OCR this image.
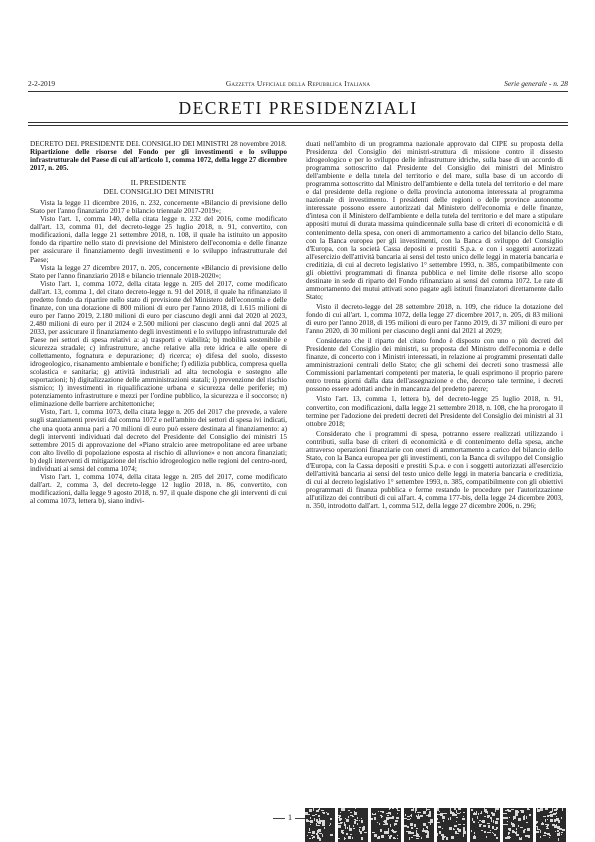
2-2-2019	Gazzetta Ufficiale della Repubblica Italiana	Serie generale - n. 28
DECRETI PRESIDENZIALI

DECRETO DEL PRESIDENTE DEL CONSIGLIO DEI MINISTRI 28 novembre 2018.

Ripartizione delle risorse del Fondo per gli investimenti e lo sviluppo infrastrutturale del Paese di cui all'articolo 1, comma 1072, della legge 27 dicembre 2017, n. 205.

IL PRESIDENTE

DEL CONSIGLIO DEI MINISTRI

Vista la legge 11 dicembre 2016, n. 232, concernente «Bilancio di previsione dello Stato per l'anno finanziario 2017 e bilancio triennale 2017-2019»;

Visto l'art. 1, comma 140, della citata legge n. 232 del 2016, come modificato dall'art. 13, comma 01, del decreto-legge 25 luglio 2018, n. 91, convertito, con modificazioni, dalla legge 21 settembre 2018, n. 108, il quale ha istituito un apposito fondo da ripartire nello stato di previsione del Ministero dell'economia e delle finanze per assicurare il finanziamento degli investimenti e lo sviluppo infrastrutturale del Paese;

Vista la legge 27 dicembre 2017, n. 205, concernente «Bilancio di previsione dello Stato per l'anno finanziario 2018 e bilancio triennale 2018-2020»;

Visto l'art. 1, comma 1072, della citata legge n. 205 del 2017, come modificato dall'art. 13, comma 1, del citato decreto-legge n. 91 del 2018, il quale ha rifinanziato il predetto fondo da ripartire nello stato di previsione del Ministero dell'economia e delle finanze, con una dotazione di 800 milioni di euro per l'anno 2018, di 1.615 milioni di euro per l'anno 2019, 2.180 milioni di euro per ciascuno degli anni dal 2020 al 2023, 2.480 milioni di euro per il 2024 e 2.500 milioni per ciascuno degli anni dal 2025 al 2033, per assicurare il finanziamento degli investimenti e lo sviluppo infrastrutturale del Paese nei settori di spesa relativi a: a) trasporti e viabilità; b) mobilità sostenibile e sicurezza stradale; c) infrastrutture, anche relative alla rete idrica e alle opere di collettamento, fognatura e depurazione; d) ricerca; e) difesa del suolo, dissesto idrogeologico, risanamento ambientale e bonifiche; f) edilizia pubblica, compresa quella scolastica e sanitaria; g) attività industriali ad alta tecnologia e sostegno alle esportazioni; h) digitalizzazione delle amministrazioni statali; i) prevenzione del rischio sismico; l) investimenti in riqualificazione urbana e sicurezza delle periferie; m) potenziamento infrastrutture e mezzi per l'ordine pubblico, la sicurezza e il soccorso; n) eliminazione delle barriere architettoniche;

Visto, l'art. 1, comma 1073, della citata legge n. 205 del 2017 che prevede, a valere sugli stanziamenti previsti dal comma 1072 e nell'ambito dei settori di spesa ivi indicati, che una quota annua pari a 70 milioni di euro può essere destinata al finanziamento: a) degli interventi individuati dal decreto del Presidente del Consiglio dei ministri 15 settembre 2015 di approvazione del «Piano stralcio aree metropolitane ed aree urbane con alto livello di popolazione esposta al rischio di alluvione» e non ancora finanziati; b) degli interventi di mitigazione del rischio idrogeologico nelle regioni del centro-nord, individuati ai sensi del comma 1074;

Visto l'art. 1, comma 1074, della citata legge n. 205 del 2017, come modificato dall'art. 2, comma 3, del decreto-legge 12 luglio 2018, n. 86, convertito, con modificazioni, dalla legge 9 agosto 2018, n. 97, il quale dispone che gli interventi di cui al comma 1073, lettera b), siano indivi-

duati nell'ambito di un programma nazionale approvato dal CIPE su proposta della Presidenza del Consiglio dei ministri-struttura di missione contro il dissesto idrogeologico e per lo sviluppo delle infrastrutture idriche, sulla base di un accordo di programma sottoscritto dal Presidente del Consiglio dei ministri del Ministro dell'ambiente e della tutela del territorio e del mare, sulla base di un accordo di programma sottoscritto dal Ministro dell'ambiente e della tutela del territorio e del mare e dal presidente della regione o della provincia autonoma interessata al programma nazionale di investimento. I presidenti delle regioni o delle province autonome interessate possono essere autorizzati dal Ministero dell'economia e delle finanze, d'intesa con il Ministero dell'ambiente e della tutela del territorio e del mare a stipulare appositi mutui di durata massima quindicennale sulla base di criteri di economicità e di contenimento della spesa, con oneri di ammortamento a carico del bilancio dello Stato, con la Banca europea per gli investimenti, con la Banca di sviluppo del Consiglio d'Europa, con la società Cassa depositi e prestiti S.p.a. e con i soggetti autorizzati all'esercizio dell'attività bancaria ai sensi del testo unico delle leggi in materia bancaria e creditizia, di cui al decreto legislativo 1° settembre 1993, n. 385, compatibilmente con gli obiettivi programmati di finanza pubblica e nel limite delle risorse allo scopo destinate in sede di riparto del Fondo rifinanziato ai sensi del comma 1072. Le rate di ammortamento dei mutui attivati sono pagate agli istituti finanziatori direttamente dallo Stato;

Visto il decreto-legge del 28 settembre 2018, n. 109, che riduce la dotazione del fondo di cui all'art. 1, comma 1072, della legge 27 dicembre 2017, n. 205, di 83 milioni di euro per l'anno 2018, di 195 milioni di euro per l'anno 2019, di 37 milioni di euro per l'anno 2020, di 30 milioni per ciascuno degli anni dal 2021 al 2029;

Considerato che il riparto del citato fondo è disposto con uno o più decreti del Presidente del Consiglio dei ministri, su proposta del Ministro dell'economia e delle finanze, di concerto con i Ministri interessati, in relazione ai programmi presentati dalle amministrazioni centrali dello Stato; che gli schemi dei decreti sono trasmessi alle Commissioni parlamentari competenti per materia, le quali esprimono il proprio parere entro trenta giorni dalla data dell'assegnazione e che, decorso tale termine, i decreti possono essere adottati anche in mancanza del predetto parere;

Visto l'art. 13, comma 1, lettera b), del decreto-legge 25 luglio 2018, n. 91, convertito, con modificazioni, dalla legge 21 settembre 2018, n. 108, che ha prorogato il termine per l'adozione dei predetti decreti del Presidente del Consiglio dei ministri al 31 ottobre 2018;

Considerato che i programmi di spesa, potranno essere realizzati utilizzando i contributi, sulla base di criteri di economicità e di contenimento della spesa, anche attraverso operazioni finanziarie con oneri di ammortamento a carico del bilancio dello Stato, con la Banca europea per gli investimenti, con la Banca di sviluppo del Consiglio d'Europa, con la Cassa depositi e prestiti S.p.a. e con i soggetti autorizzati all'esercizio dell'attività bancaria ai sensi del testo unico delle leggi in materia bancaria e creditizia, di cui al decreto legislativo 1° settembre 1993, n. 385, compatibilmente con gli obiettivi programmati di finanza pubblica e ferme restando le procedure per l'autorizzazione all'utilizzo dei contributi di cui all'art. 4, comma 177-bis, della legge 24 dicembre 2003, n. 350, introdotto dall'art. 1, comma 512, della legge 27 dicembre 2006, n. 296;

1
